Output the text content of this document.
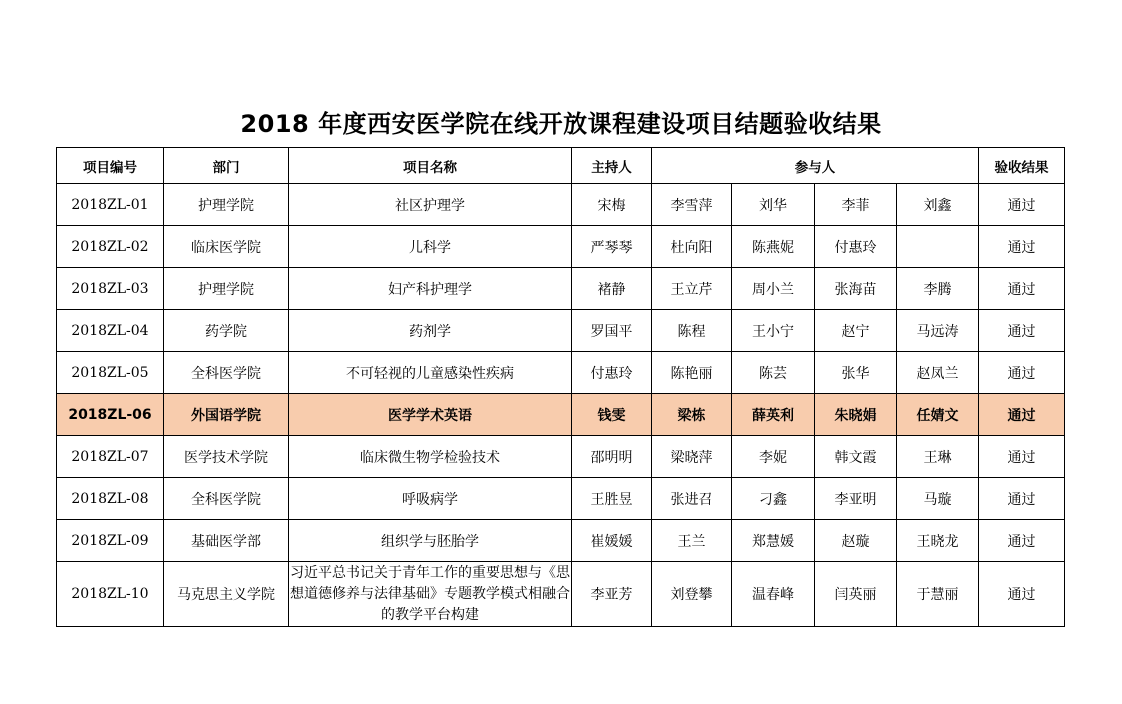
2018 年度西安医学院在线开放课程建设项目结题验收结果
项目编号	部门	项目名称	主持人	参与人				验收结果
2018ZL-01	护理学院	社区护理学	宋梅	李雪萍	刘华	李菲	刘鑫	通过
2018ZL-02	临床医学院	儿科学	严琴琴	杜向阳	陈燕妮	付惠玲		通过
2018ZL-03	护理学院	妇产科护理学	褚静	王立芹	周小兰	张海苗	李腾	通过
2018ZL-04	药学院	药剂学	罗国平	陈程	王小宁	赵宁	马远涛	通过
2018ZL-05	全科医学院	不可轻视的儿童感染性疾病	付惠玲	陈艳丽	陈芸	张华	赵凤兰	通过
2018ZL-06	外国语学院	医学学术英语	钱雯	梁栋	薛英利	朱晓娟	任婧文	通过
2018ZL-07	医学技术学院	临床微生物学检验技术	邵明明	梁晓萍	李妮	韩文霞	王琳	通过
2018ZL-08	全科医学院	呼吸病学	王胜昱	张进召	刁鑫	李亚明	马璇	通过
2018ZL-09	基础医学部	组织学与胚胎学	崔媛媛	王兰	郑慧媛	赵璇	王晓龙	通过
2018ZL-10	马克思主义学院	习近平总书记关于青年工作的重要思想与《思想道德修养与法律基础》专题教学模式相融合的教学平台构建	李亚芳	刘登攀	温春峰	闫英丽	于慧丽	通过
